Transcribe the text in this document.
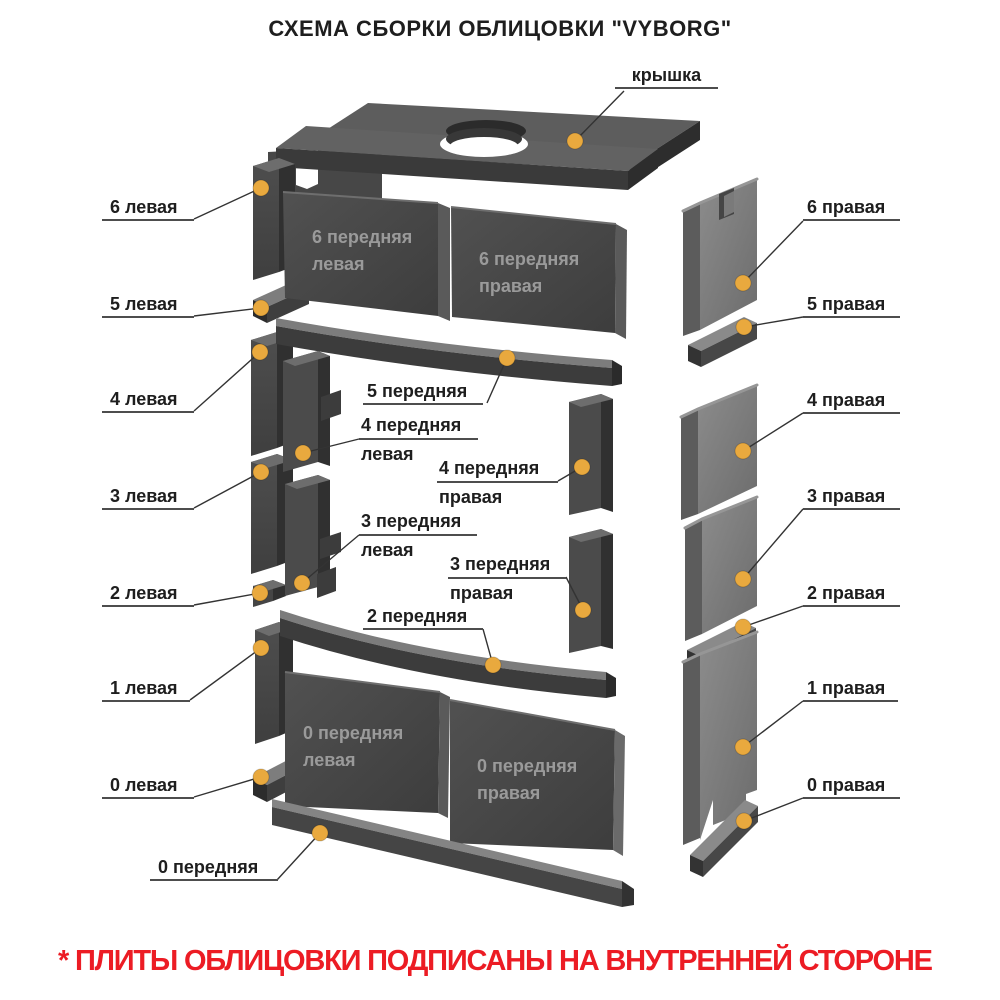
СХЕМА СБОРКИ ОБЛИЦОВКИ "VYBORG"
крышка
6 левая
5 левая
4 левая
3 левая
2 левая
1 левая
0 левая
0 передняя
6 правая
5 правая
4 правая
3 правая
2 правая
1 правая
0 правая
5 передняя
4 передняя
левая
4 передняя
правая
3 передняя
левая
3 передняя
правая
2 передняя
6 передняя
левая	6 передняя
правая
0 передняя
левая	0 передняя
правая
* ПЛИТЫ ОБЛИЦОВКИ ПОДПИСАНЫ НА ВНУТРЕННЕЙ СТОРОНЕ
